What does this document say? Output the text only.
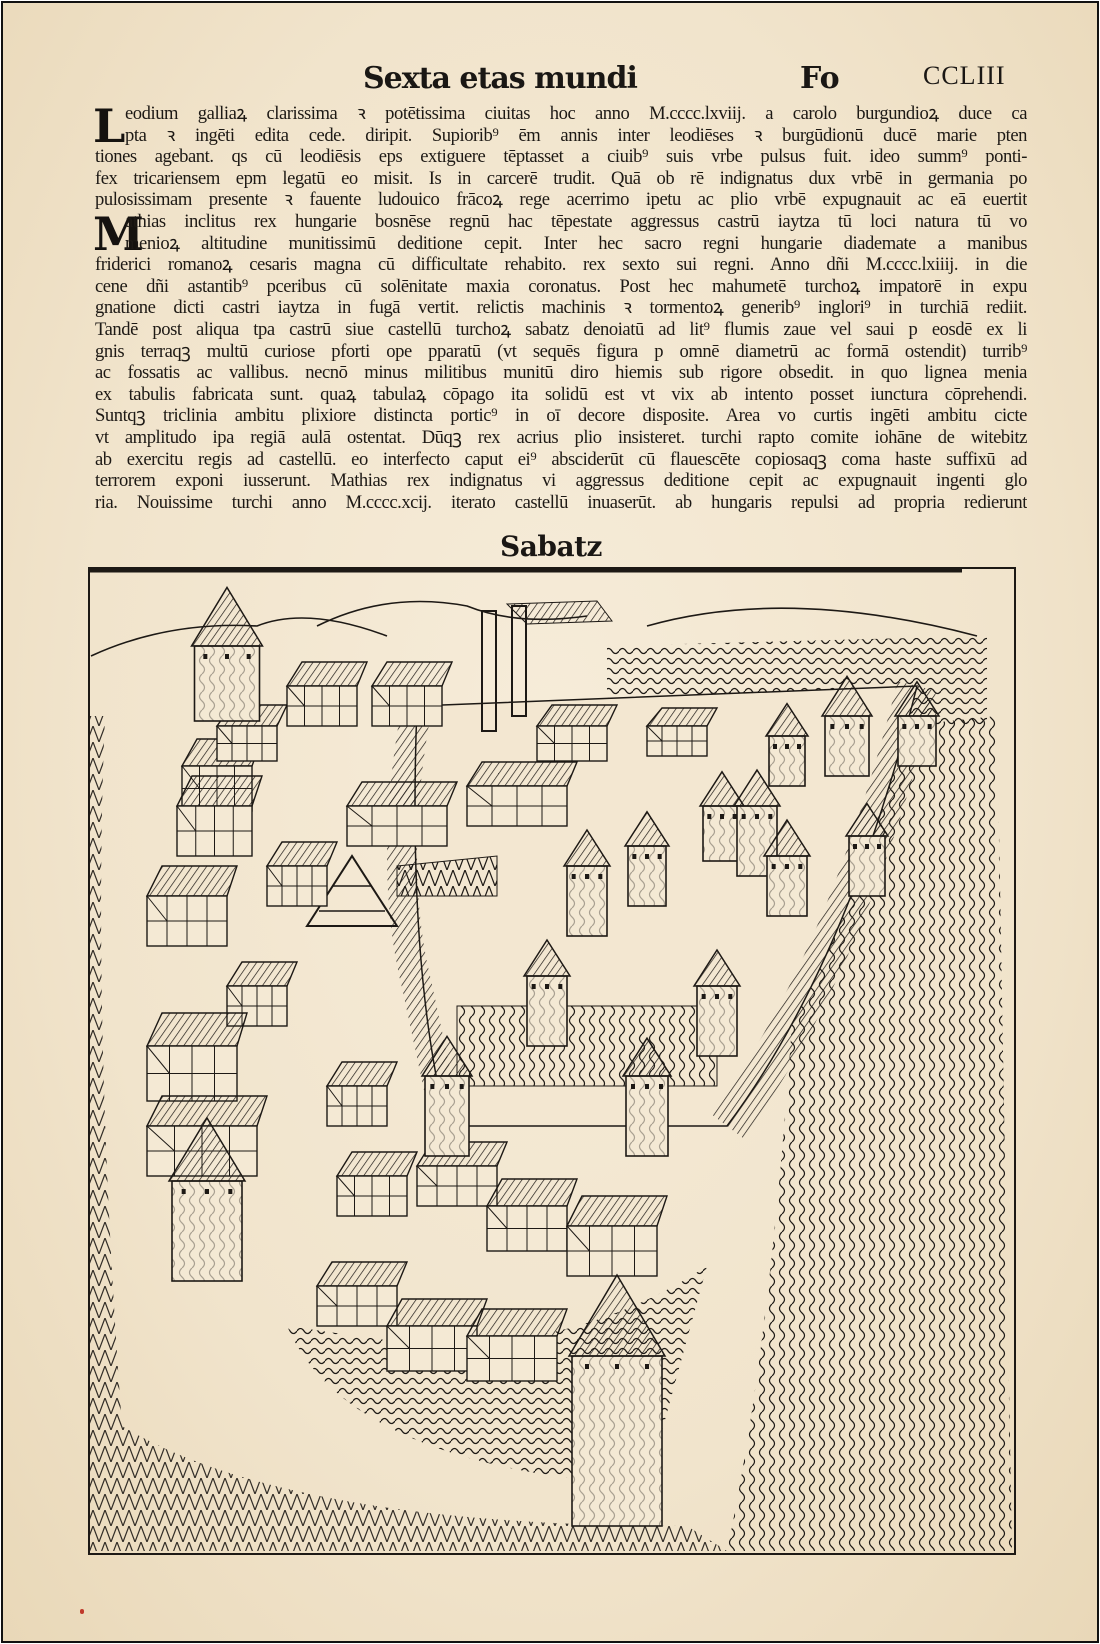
Sexta etas mundi	Fo	CCLIII
L
M
eodium galliaꝝ clarissima ꝛ potētissima ciuitas hoc anno M.cccc.lxviij. a carolo burgundioꝝ duce ca
pta ꝛ ingēti edita cede. diripit. Supiorib⁹ ēm annis inter leodiēses ꝛ burgūdionū ducē marie pten
tiones agebant. qs cū leodiēsis eps extiguere tēptasset a ciuib⁹ suis vrbe pulsus fuit. ideo summ⁹ ponti-
fex tricariensem epm legatū eo misit. Is in carcerē trudit. Quā ob rē indignatus dux vrbē in germania po
pulosissimam presente ꝛ fauente ludouico frācoꝝ rege acerrimo ipetu ac plio vrbē expugnauit ac eā euertit
athias inclitus rex hungarie bosnēse regnū hac tēpestate aggressus castrū iaytza tū loci natura tū vo
menioꝝ altitudine munitissimū deditione cepit. Inter hec sacro regni hungarie diademate a manibus
friderici romanoꝝ cesaris magna cū difficultate rehabito. rex sexto sui regni. Anno dñi M.cccc.lxiiij. in die
cene dñi astantib⁹ pceribus cū solēnitate maxia coronatus. Post hec mahumetē turchoꝝ impatorē in expu
gnatione dicti castri iaytza in fugā vertit. relictis machinis ꝛ tormentoꝝ generib⁹ inglori⁹ in turchiā rediit.
Tandē post aliqua tpa castrū siue castellū turchoꝝ sabatz denoiatū ad lit⁹ flumis zaue vel saui p eosdē ex li
gnis terraqꝫ multū curiose pforti ope pparatū (vt sequēs figura p omnē diametrū ac formā ostendit) turrib⁹
ac fossatis ac vallibus. necnō minus militibus munitū diro hiemis sub rigore obsedit. in quo lignea menia
ex tabulis fabricata sunt. quaꝝ tabulaꝝ cōpago ita solidū est vt vix ab intento posset iunctura cōprehendi.
Suntqꝫ triclinia ambitu plixiore distincta portic⁹ in oī decore disposite. Area vo curtis ingēti ambitu cicte
vt amplitudo ipa regiā aulā ostentat. Dūqꝫ rex acrius plio insisteret. turchi rapto comite iohāne de witebitz
ab exercitu regis ad castellū. eo interfecto caput ei⁹ absciderūt cū flauescēte copiosaqꝫ coma haste suffixū ad
terrorem exponi iusserunt. Mathias rex indignatus vi aggressus deditione cepit ac expugnauit ingenti glo
ria. Nouissime turchi anno M.cccc.xcij. iterato castellū inuaserūt. ab hungaris repulsi ad propria redierunt
Sabatz
